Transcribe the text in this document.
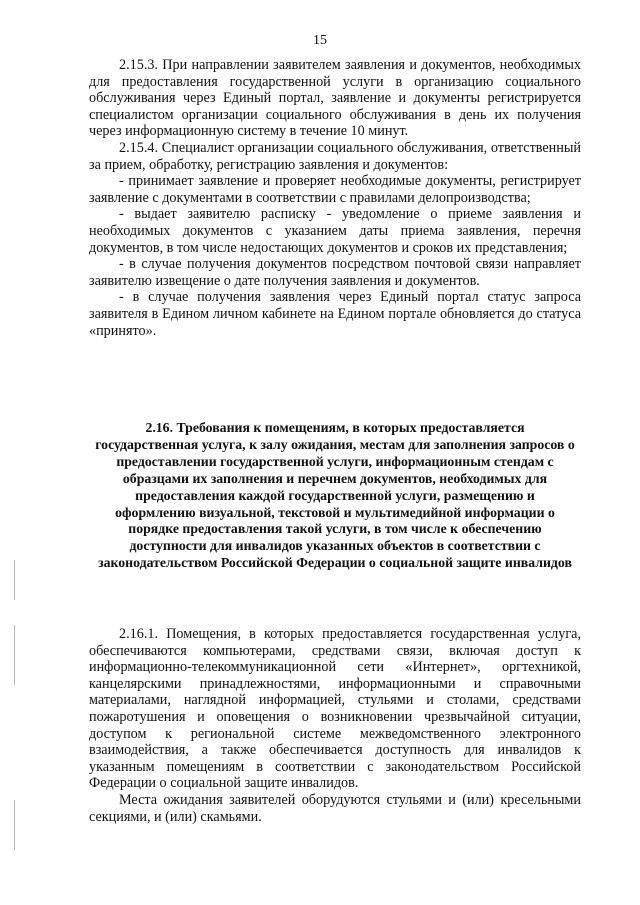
15

2.15.3. При направлении заявителем заявления и документов, необходимых для предоставления государственной услуги в организацию социального обслуживания через Единый портал, заявление и документы регистрируется специалистом организации социального обслуживания в день их получения через информационную систему в течение 10 минут.

2.15.4. Специалист организации социального обслуживания, ответственный за прием, обработку, регистрацию заявления и документов:

- принимает заявление и проверяет необходимые документы, регистрирует заявление с документами в соответствии с правилами делопроизводства;

- выдает заявителю расписку - уведомление о приеме заявления и необходимых документов с указанием даты приема заявления, перечня документов, в том числе недостающих документов и сроков их представления;

- в случае получения документов посредством почтовой связи направляет заявителю извещение о дате получения заявления и документов.

- в случае получения заявления через Единый портал статус запроса заявителя в Едином личном кабинете на Едином портале обновляется до статуса «принято».

2.16. Требования к помещениям, в которых предоставляется государственная услуга, к залу ожидания, местам для заполнения запросов о предоставлении государственной услуги, информационным стендам с образцами их заполнения и перечнем документов, необходимых для предоставления каждой государственной услуги, размещению и оформлению визуальной, текстовой и мультимедийной информации о порядке предоставления такой услуги, в том числе к обеспечению доступности для инвалидов указанных объектов в соответствии с законодательством Российской Федерации о социальной защите инвалидов

2.16.1. Помещения, в которых предоставляется государственная услуга, обеспечиваются компьютерами, средствами связи, включая доступ к информационно-телекоммуникационной сети «Интернет», оргтехникой, канцелярскими принадлежностями, информационными и справочными материалами, наглядной информацией, стульями и столами, средствами пожаротушения и оповещения о возникновении чрезвычайной ситуации, доступом к региональной системе межведомственного электронного взаимодействия, а также обеспечивается доступность для инвалидов к указанным помещениям в соответствии с законодательством Российской Федерации о социальной защите инвалидов.

Места ожидания заявителей оборудуются стульями и (или) кресельными секциями, и (или) скамьями.
